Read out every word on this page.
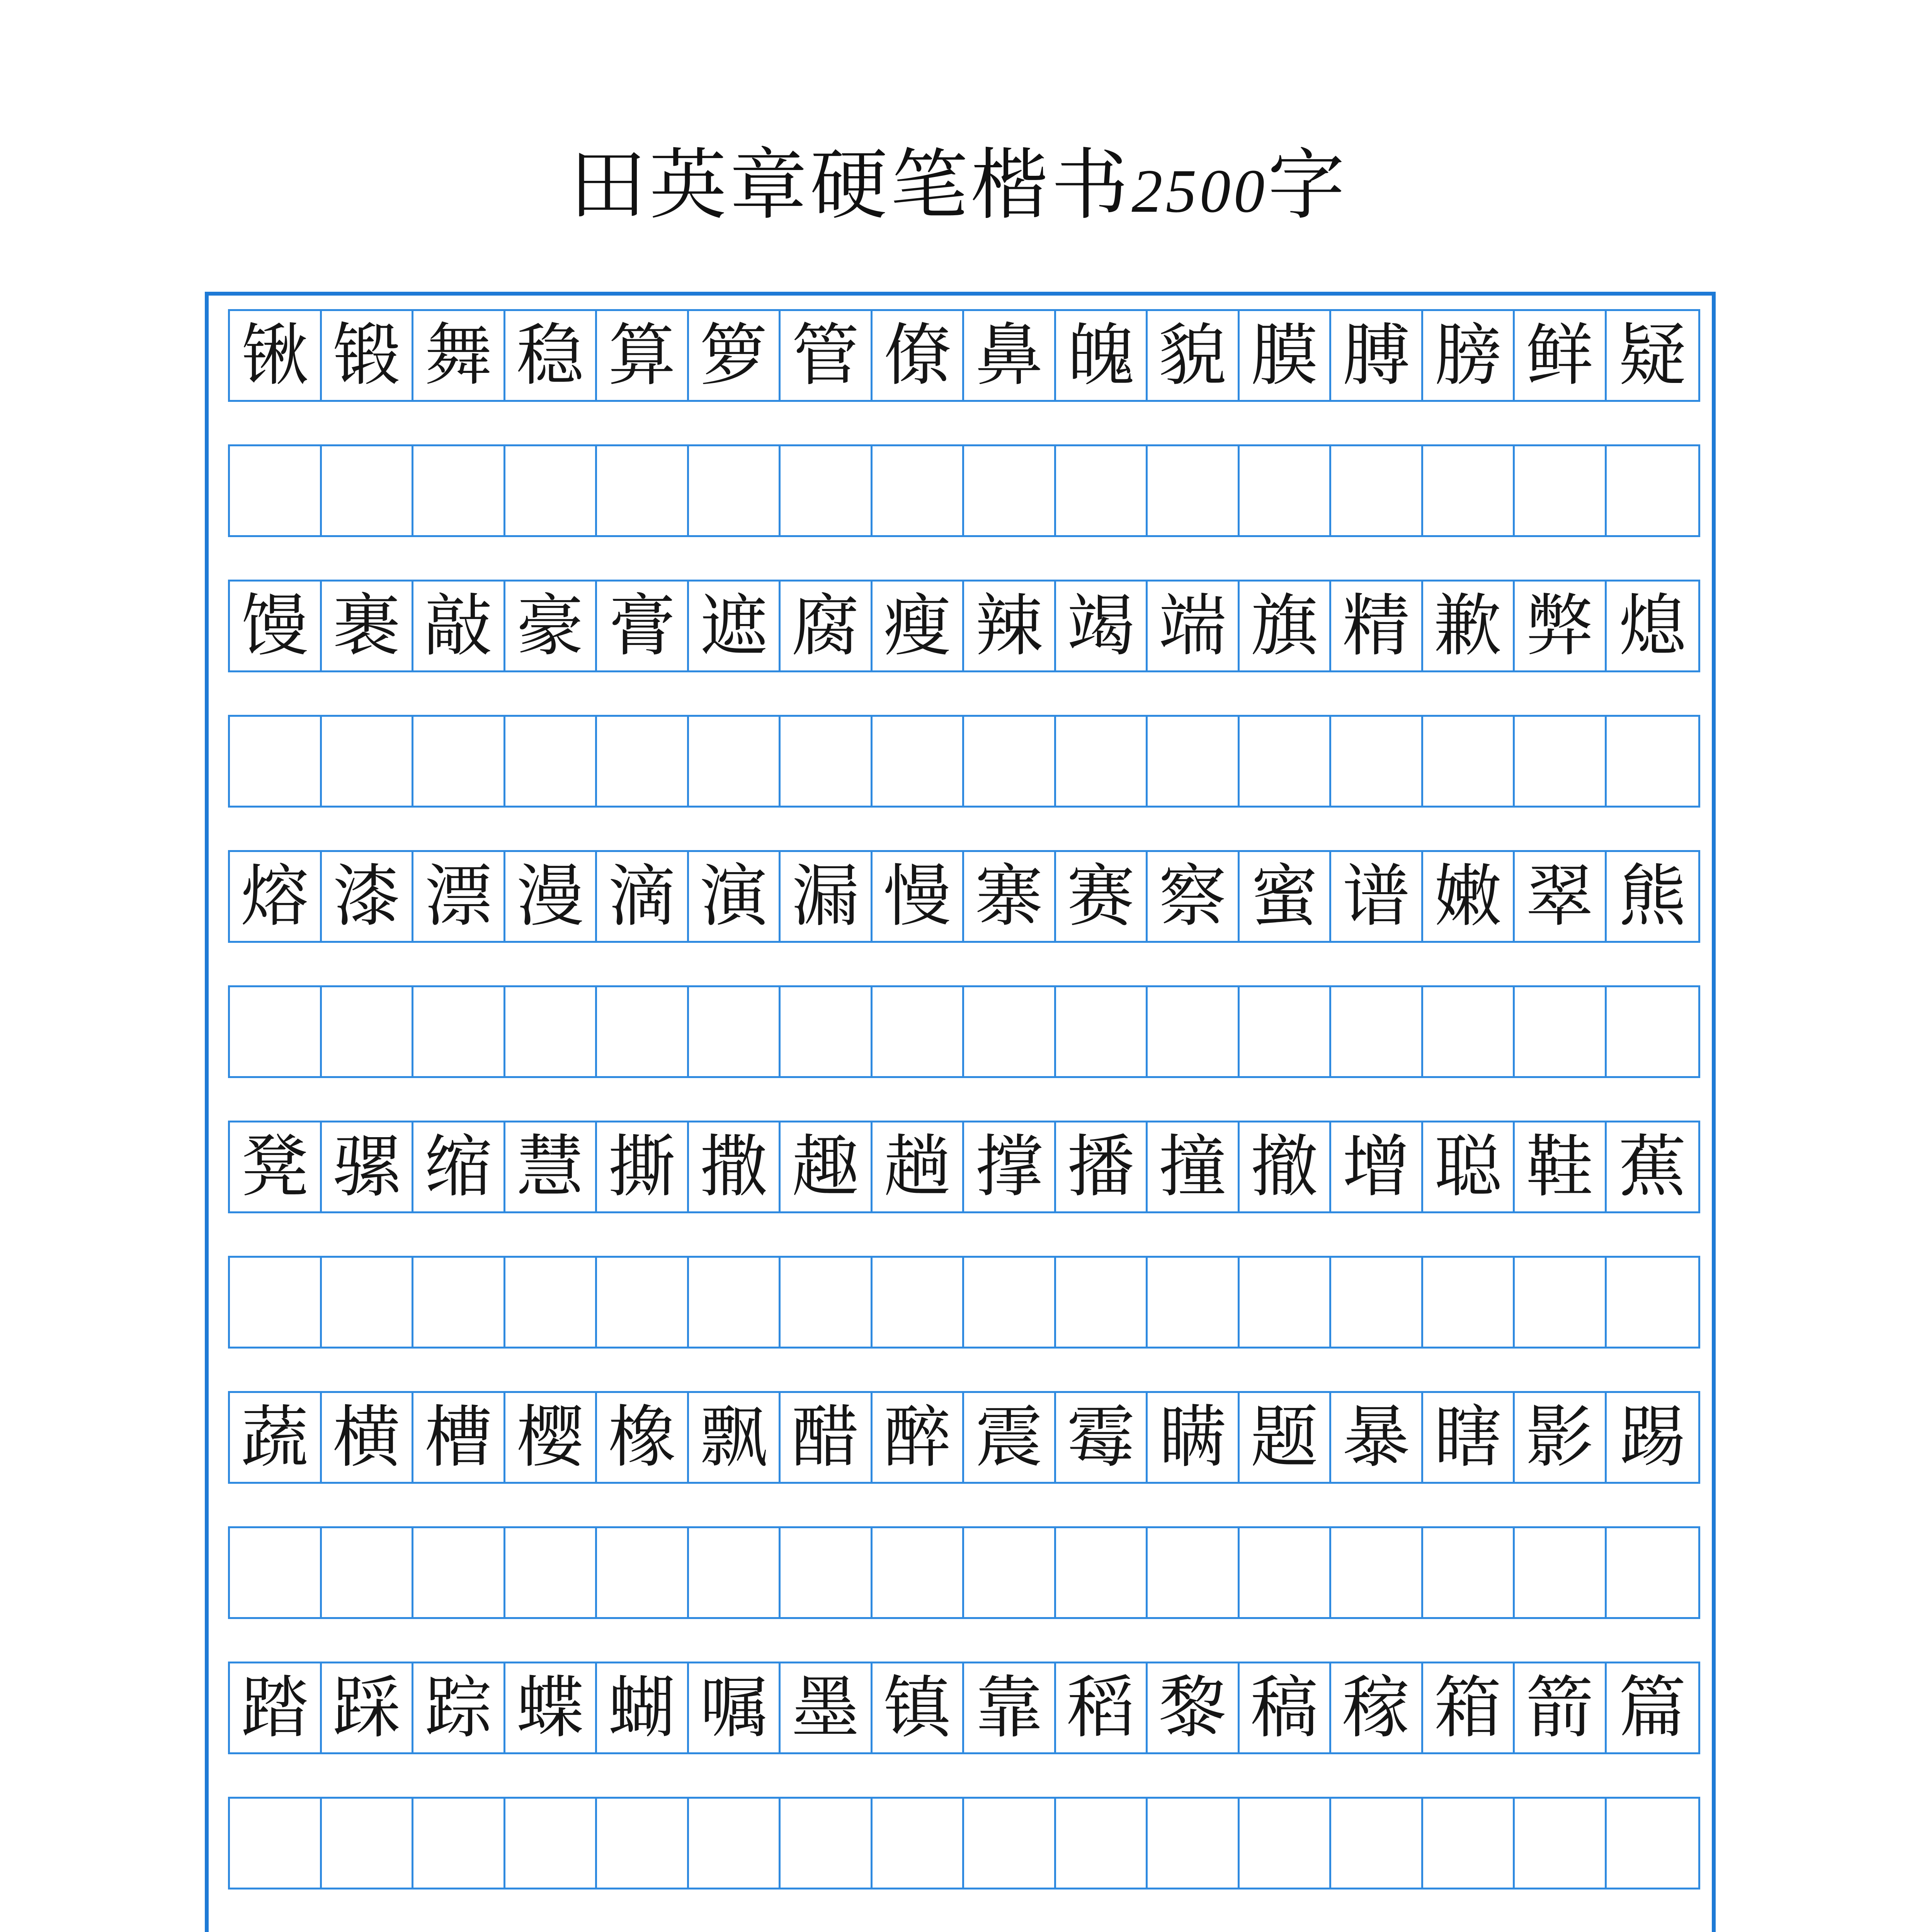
田英章硬笔楷书2500字
锹 锻 舞 稳 算 箩 管 僚 鼻 魄 貌 膜 膊 膀 鲜 疑
馒 裹 敲 豪 膏 遮 腐 瘦 辣 竭 端 旗 精 歉 弊 熄
熔 漆 漂 漫 滴 演 漏 慢 寨 赛 察 蜜 谱 嫩 翠 熊
凳 骡 缩 慧 撕 撒 趣 趟 撑 播 撞 撤 增 聪 鞋 蕉
蔬 横 槽 樱 橡 飘 醋 醉 震 霉 瞒 题 暴 瞎 影 踢
踏 踩 踪 蝶 蝴 嘱 墨 镇 靠 稻 黎 稿 稼 箱 箭 篇
